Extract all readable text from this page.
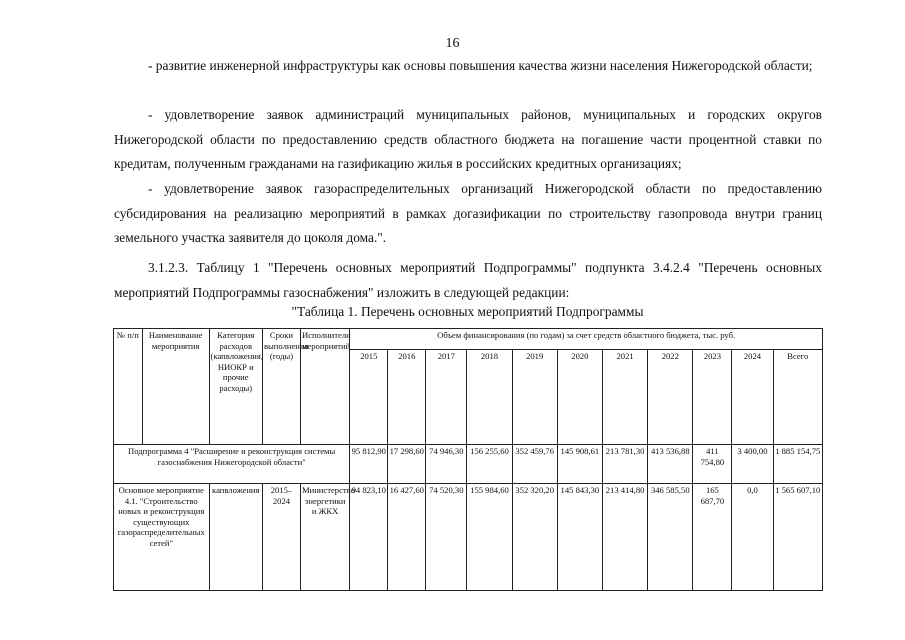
16

- развитие инженерной инфраструктуры как основы повышения качества жизни населения Нижегородской области;

- удовлетворение заявок администраций муниципальных районов, муниципальных и городских округов Нижегородской области по предоставлению средств областного бюджета на погашение части процентной ставки по кредитам, полученным гражданами на газификацию жилья в российских кредитных организациях;

- удовлетворение заявок газораспределительных организаций Нижегородской области по предоставлению субсидирования на реализацию мероприятий в рамках догазификации по строительству газопровода внутри границ земельного участка заявителя до цоколя дома.".

3.1.2.3. Таблицу 1 "Перечень основных мероприятий Подпрограммы" подпункта 3.4.2.4 "Перечень основных мероприятий Подпрограммы газоснабжения" изложить в следующей редакции:

"Таблица 1. Перечень основных мероприятий Подпрограммы
№ п/п	Наименование мероприятия	Категория расходов (капвложения, НИОКР и прочие расходы)	Сроки выполнения (годы)	Исполнители мероприятий	Объем финансирования (по годам) за счет средств областного бюджета, тыс. руб.										
					2015	2016	2017	2018	2019	2020	2021	2022	2023	2024	Всего
Подпрограмма 4 "Расширение и реконструкция системы газоснабжения Нижегородской области"					95 812,90	17 298,60	74 946,30	156 255,60	352 459,76	145 908,61	213 781,30	413 536,88	411 754,80	3 400,00	1 885 154,75
Основное мероприятие 4.1. "Строительство новых и реконструкция существующих газораспределительных сетей"		капвложения	2015–2024	Министерство энергетики и ЖКХ	94 823,10	16 427,60	74 520,30	155 984,60	352 320,20	145 843,30	213 414,80	346 585,50	165 687,70	0,0	1 565 607,10
